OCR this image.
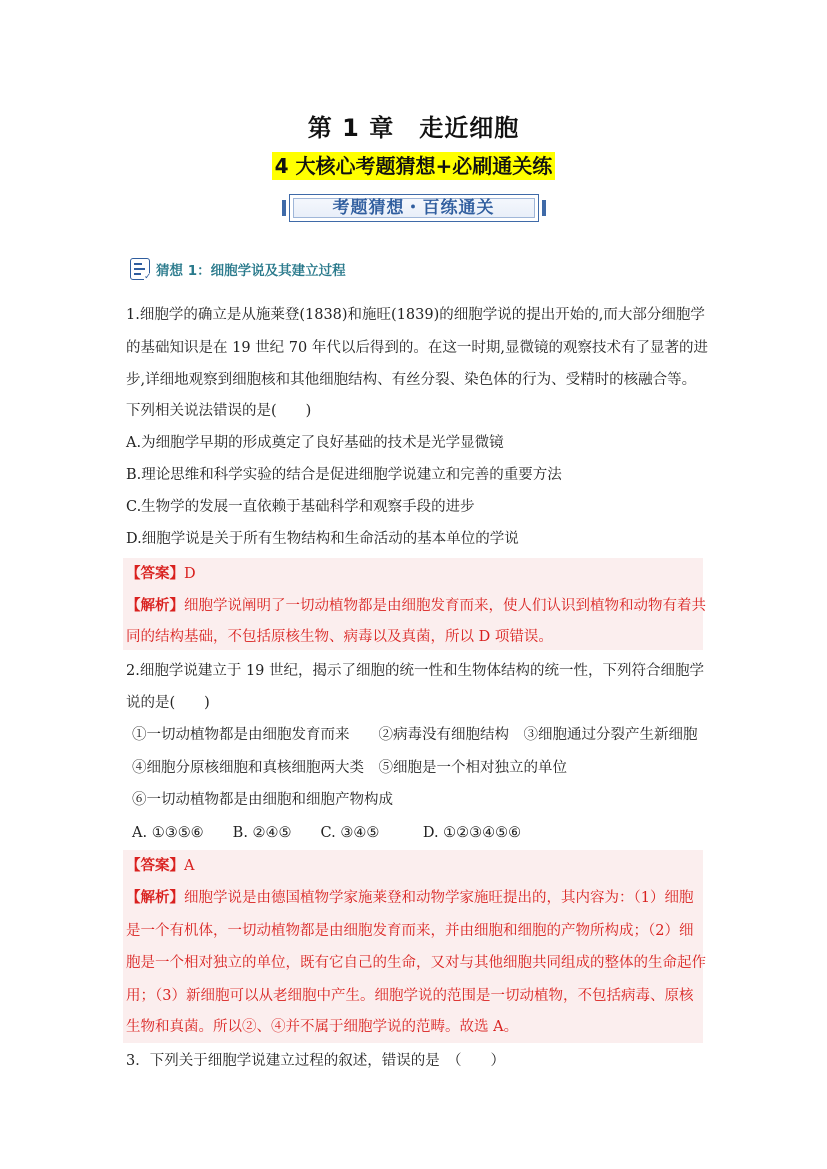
第 1 章　走近细胞
4 大核心考题猜想+必刷通关练
考题猜想・百练通关
✓ 猜想 1：细胞学说及其建立过程
1.细胞学的确立是从施莱登(1838)和施旺(1839)的细胞学说的提出开始的,而大部分细胞学
的基础知识是在 19 世纪 70 年代以后得到的。在这一时期,显微镜的观察技术有了显著的进
步,详细地观察到细胞核和其他细胞结构、有丝分裂、染色体的行为、受精时的核融合等。
下列相关说法错误的是(　　)
A.为细胞学早期的形成奠定了良好基础的技术是光学显微镜
B.理论思维和科学实验的结合是促进细胞学说建立和完善的重要方法
C.生物学的发展一直依赖于基础科学和观察手段的进步
D.细胞学说是关于所有生物结构和生命活动的基本单位的学说
【答案】D
【解析】细胞学说阐明了一切动植物都是由细胞发育而来，使人们认识到植物和动物有着共
同的结构基础，不包括原核生物、病毒以及真菌，所以 D 项错误。
2.细胞学说建立于 19 世纪，揭示了细胞的统一性和生物体结构的统一性，下列符合细胞学
说的是(　　)
①一切动植物都是由细胞发育而来　　②病毒没有细胞结构　③细胞通过分裂产生新细胞
④细胞分原核细胞和真核细胞两大类　⑤细胞是一个相对独立的单位
⑥一切动植物都是由细胞和细胞产物构成
A. ①③⑤⑥　　B. ②④⑤　　C. ③④⑤　　　D. ①②③④⑤⑥
【答案】A
【解析】细胞学说是由德国植物学家施莱登和动物学家施旺提出的，其内容为：（1）细胞
是一个有机体，一切动植物都是由细胞发育而来，并由细胞和细胞的产物所构成；（2）细
胞是一个相对独立的单位，既有它自己的生命，又对与其他细胞共同组成的整体的生命起作
用；（3）新细胞可以从老细胞中产生。细胞学说的范围是一切动植物，不包括病毒、原核
生物和真菌。所以②、④并不属于细胞学说的范畴。故选 A。
3．下列关于细胞学说建立过程的叙述，错误的是　（　　）
